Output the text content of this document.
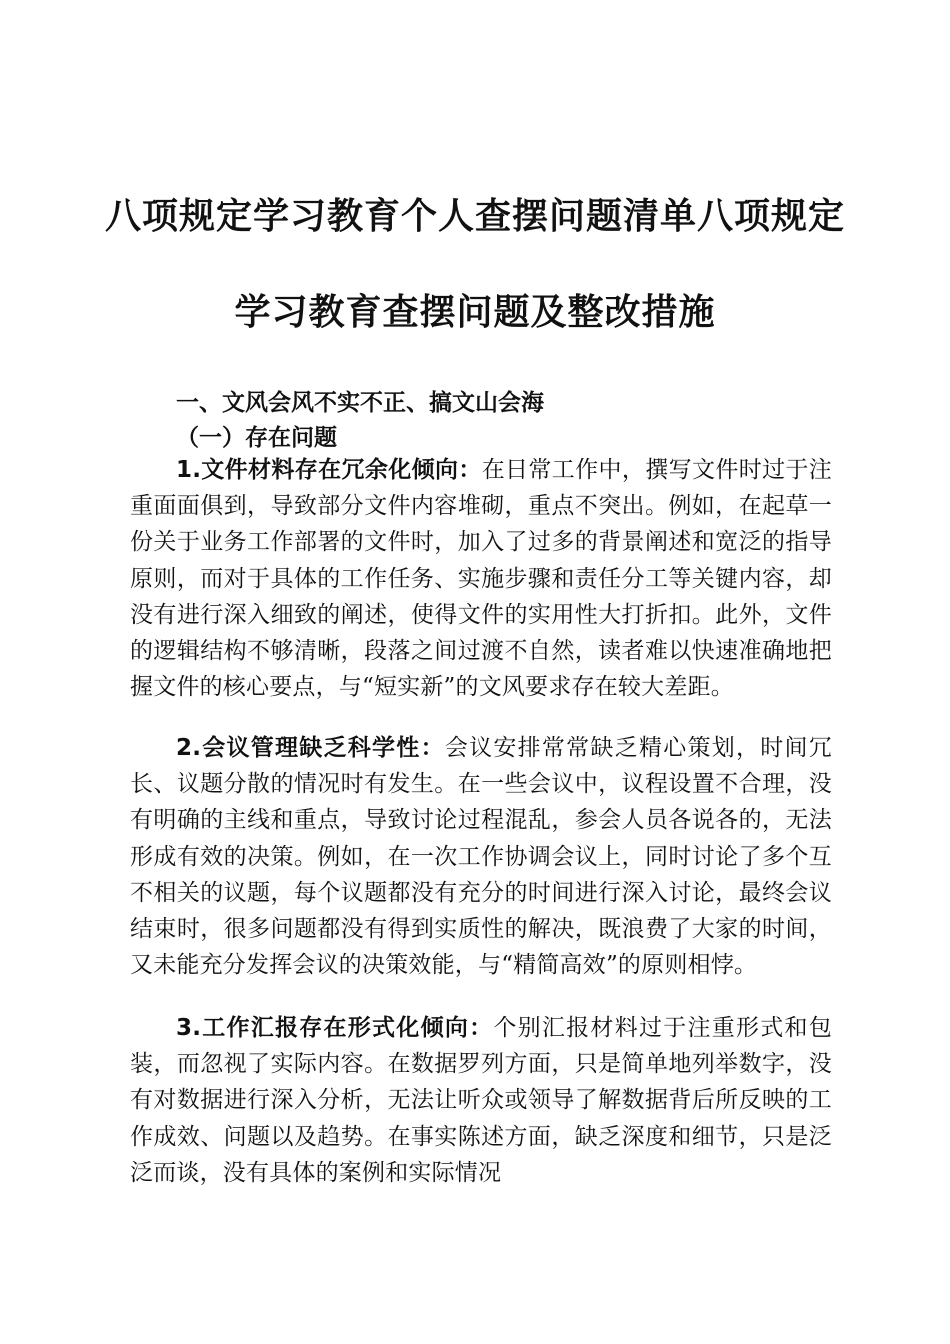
八项规定学习教育个人查摆问题清单八项规定
学习教育查摆问题及整改措施
一、文风会风不实不正、搞文山会海
（一）存在问题

1.文件材料存在冗余化倾向：在日常工作中，撰写文件时过于注重面面俱到，导致部分文件内容堆砌，重点不突出。例如，在起草一份关于业务工作部署的文件时，加入了过多的背景阐述和宽泛的指导原则，而对于具体的工作任务、实施步骤和责任分工等关键内容，却没有进行深入细致的阐述，使得文件的实用性大打折扣。此外，文件的逻辑结构不够清晰，段落之间过渡不自然，读者难以快速准确地把握文件的核心要点，与“短实新”的文风要求存在较大差距。

2.会议管理缺乏科学性：会议安排常常缺乏精心策划，时间冗长、议题分散的情况时有发生。在一些会议中，议程设置不合理，没有明确的主线和重点，导致讨论过程混乱，参会人员各说各的，无法形成有效的决策。例如，在一次工作协调会议上，同时讨论了多个互不相关的议题，每个议题都没有充分的时间进行深入讨论，最终会议结束时，很多问题都没有得到实质性的解决，既浪费了大家的时间，又未能充分发挥会议的决策效能，与“精简高效”的原则相悖。

3.工作汇报存在形式化倾向：个别汇报材料过于注重形式和包装，而忽视了实际内容。在数据罗列方面，只是简单地列举数字，没有对数据进行深入分析，无法让听众或领导了解数据背后所反映的工作成效、问题以及趋势。在事实陈述方面，缺乏深度和细节，只是泛泛而谈，没有具体的案例和实际情况
